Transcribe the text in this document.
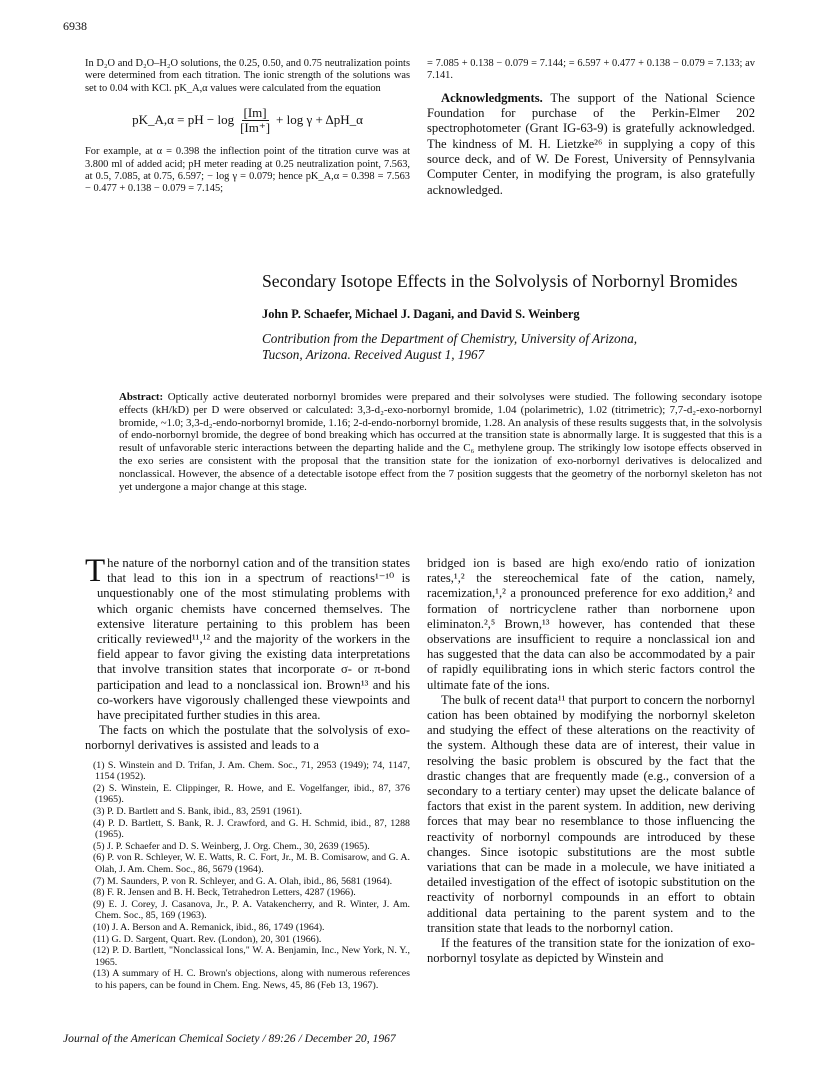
6938

In D₂O and D₂O–H₂O solutions, the 0.25, 0.50, and 0.75 neutralization points were determined from each titration. The ionic strength of the solutions was set to 0.04 with KCl. pK_A,α values were calculated from the equation

pK_A,α = pH − $\log \frac{[Im]}{[Im^+]} + \log \gamma$ + ΔpH_α

For example, at α = 0.398 the inflection point of the titration curve was at 3.800 ml of added acid; pH meter reading at 0.25 neutralization point, 7.563, at 0.5, 7.085, at 0.75, 6.597; − log γ = 0.079; hence pK_A,α = 0.398 = 7.563 − 0.477 + 0.138 − 0.079 = 7.145;

= 7.085 + 0.138 − 0.079 = 7.144; = 6.597 + 0.477 + 0.138 − 0.079 = 7.133; av 7.141.

Acknowledgments. The support of the National Science Foundation for purchase of the Perkin-Elmer 202 spectrophotometer (Grant IG-63-9) is gratefully acknowledged. The kindness of M. H. Lietzke²⁶ in supplying a copy of this source deck, and of W. De Forest, University of Pennsylvania Computer Center, in modifying the program, is also gratefully acknowledged.

Secondary Isotope Effects in the Solvolysis of Norbornyl Bromides
John P. Schaefer, Michael J. Dagani, and David S. Weinberg
Contribution from the Department of Chemistry, University of Arizona,
Tucson, Arizona. Received August 1, 1967
Abstract: Optically active deuterated norbornyl bromides were prepared and their solvolyses were studied. The following secondary isotope effects (kH/kD) per D were observed or calculated: 3,3-d₂-exo-norbornyl bromide, 1.04 (polarimetric), 1.02 (titrimetric); 7,7-d₂-exo-norbornyl bromide, ~1.0; 3,3-d₂-endo-norbornyl bromide, 1.16; 2-d-endo-norbornyl bromide, 1.28. An analysis of these results suggests that, in the solvolysis of endo-norbornyl bromide, the degree of bond breaking which has occurred at the transition state is abnormally large. It is suggested that this is a result of unfavorable steric interactions between the departing halide and the C₆ methylene group. The strikingly low isotope effects observed in the exo series are consistent with the proposal that the transition state for the ionization of exo-norbornyl derivatives is delocalized and nonclassical. However, the absence of a detectable isotope effect from the 7 position suggests that the geometry of the norbornyl skeleton has not yet undergone a major change at this stage.

The nature of the norbornyl cation and of the transition states that lead to this ion in a spectrum of reactions¹⁻¹⁰ is unquestionably one of the most stimulating problems with which organic chemists have concerned themselves. The extensive literature pertaining to this problem has been critically reviewed¹¹,¹² and the majority of the workers in the field appear to favor giving the existing data interpretations that involve transition states that incorporate σ- or π-bond participation and lead to a nonclassical ion. Brown¹³ and his co-workers have vigorously challenged these viewpoints and have precipitated further studies in this area.

The facts on which the postulate that the solvolysis of exo-norbornyl derivatives is assisted and leads to a

(1) S. Winstein and D. Trifan, J. Am. Chem. Soc., 71, 2953 (1949); 74, 1147, 1154 (1952).
(2) S. Winstein, E. Clippinger, R. Howe, and E. Vogelfanger, ibid., 87, 376 (1965).
(3) P. D. Bartlett and S. Bank, ibid., 83, 2591 (1961).
(4) P. D. Bartlett, S. Bank, R. J. Crawford, and G. H. Schmid, ibid., 87, 1288 (1965).
(5) J. P. Schaefer and D. S. Weinberg, J. Org. Chem., 30, 2639 (1965).
(6) P. von R. Schleyer, W. E. Watts, R. C. Fort, Jr., M. B. Comisarow, and G. A. Olah, J. Am. Chem. Soc., 86, 5679 (1964).
(7) M. Saunders, P. von R. Schleyer, and G. A. Olah, ibid., 86, 5681 (1964).
(8) F. R. Jensen and B. H. Beck, Tetrahedron Letters, 4287 (1966).
(9) E. J. Corey, J. Casanova, Jr., P. A. Vatakencherry, and R. Winter, J. Am. Chem. Soc., 85, 169 (1963).
(10) J. A. Berson and A. Remanick, ibid., 86, 1749 (1964).
(11) G. D. Sargent, Quart. Rev. (London), 20, 301 (1966).
(12) P. D. Bartlett, "Nonclassical Ions," W. A. Benjamin, Inc., New York, N. Y., 1965.
(13) A summary of H. C. Brown's objections, along with numerous references to his papers, can be found in Chem. Eng. News, 45, 86 (Feb 13, 1967).

bridged ion is based are high exo/endo ratio of ionization rates,¹,² the stereochemical fate of the cation, namely, racemization,¹,² a pronounced preference for exo addition,² and formation of nortricyclene rather than norbornene upon eliminaton.²,⁵ Brown,¹³ however, has contended that these observations are insufficient to require a nonclassical ion and has suggested that the data can also be accommodated by a pair of rapidly equilibrating ions in which steric factors control the ultimate fate of the ions.

The bulk of recent data¹¹ that purport to concern the norbornyl cation has been obtained by modifying the norbornyl skeleton and studying the effect of these alterations on the reactivity of the system. Although these data are of interest, their value in resolving the basic problem is obscured by the fact that the drastic changes that are frequently made (e.g., conversion of a secondary to a tertiary center) may upset the delicate balance of factors that exist in the parent system. In addition, new deriving forces that may bear no resemblance to those influencing the reactivity of norbornyl compounds are introduced by these changes. Since isotopic substitutions are the most subtle variations that can be made in a molecule, we have initiated a detailed investigation of the effect of isotopic substitution on the reactivity of norbornyl compounds in an effort to obtain additional data pertaining to the parent system and to the transition state that leads to the norbornyl cation.

If the features of the transition state for the ionization of exo-norbornyl tosylate as depicted by Winstein and

Journal of the American Chemical Society / 89:26 / December 20, 1967
